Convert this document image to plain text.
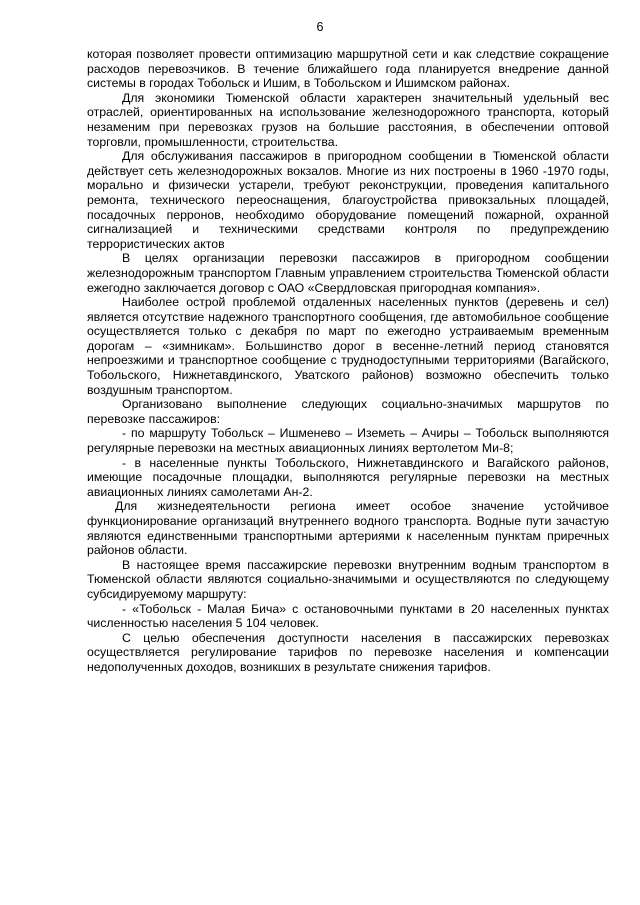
6

которая позволяет провести оптимизацию маршрутной сети и как следствие сокращение расходов перевозчиков. В течение ближайшего года планируется внедрение данной системы в городах Тобольск и Ишим, в Тобольском и Ишимском районах.

Для экономики Тюменской области характерен значительный удельный вес отраслей, ориентированных на использование железнодорожного транспорта, который незаменим при перевозках грузов на большие расстояния, в обеспечении оптовой торговли, промышленности, строительства.

Для обслуживания пассажиров в пригородном сообщении в Тюменской области действует сеть железнодорожных вокзалов. Многие из них построены в 1960 -1970 годы, морально и физически устарели, требуют реконструкции, проведения капитального ремонта, технического переоснащения, благоустройства привокзальных площадей, посадочных перронов, необходимо оборудование помещений пожарной, охранной сигнализацией и техническими средствами контроля по предупреждению террористических актов

В целях организации перевозки пассажиров в пригородном сообщении железнодорожным транспортом Главным управлением строительства Тюменской области ежегодно заключается договор с ОАО «Свердловская пригородная компания».

Наиболее острой проблемой отдаленных населенных пунктов (деревень и сел) является отсутствие надежного транспортного сообщения, где автомобильное сообщение осуществляется только с декабря по март по ежегодно устраиваемым временным дорогам – «зимникам». Большинство дорог в весенне-летний период становятся непроезжими и транспортное сообщение с труднодоступными территориями (Вагайского, Тобольского, Нижнетавдинского, Уватского районов) возможно обеспечить только воздушным транспортом.

Организовано выполнение следующих социально-значимых маршрутов по перевозке пассажиров:

- по маршруту Тобольск – Ишменево – Иземеть – Ачиры – Тобольск выполняются регулярные перевозки на местных авиационных линиях вертолетом Ми-8;

- в населенные пункты Тобольского, Нижнетавдинского и Вагайского районов, имеющие посадочные площадки, выполняются регулярные перевозки на местных авиационных линиях самолетами Ан-2.

Для жизнедеятельности региона имеет особое значение устойчивое функционирование организаций внутреннего водного транспорта. Водные пути зачастую являются единственными транспортными артериями к населенным пунктам приречных районов области.

В настоящее время пассажирские перевозки внутренним водным транспортом в Тюменской области являются социально-значимыми и осуществляются по следующему субсидируемому маршруту:

- «Тобольск - Малая Бича» с остановочными пунктами в 20 населенных пунктах численностью населения 5 104 человек.

С целью обеспечения доступности населения в пассажирских перевозках осуществляется регулирование тарифов по перевозке населения и компенсации недополученных доходов, возникших в результате снижения тарифов.
